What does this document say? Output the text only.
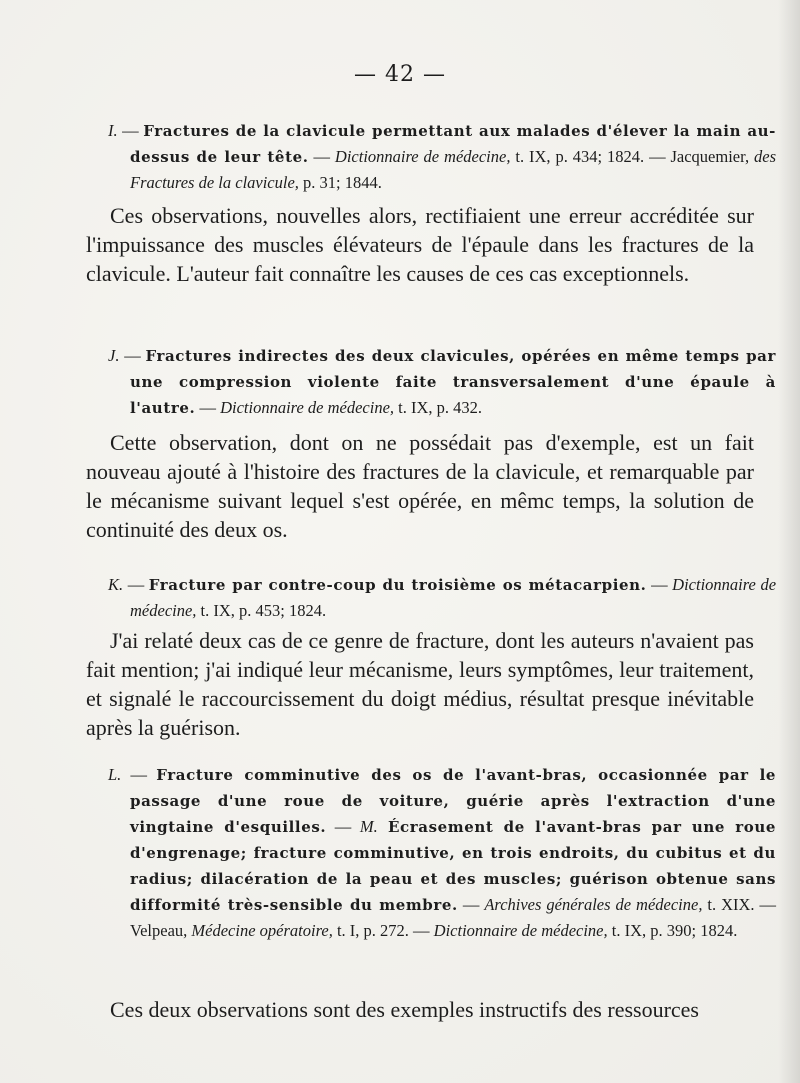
— 42 —
I. — Fractures de la clavicule permettant aux malades d'élever la main au-dessus de leur tête. — Dictionnaire de médecine, t. IX, p. 434; 1824. — Jacquemier, des Fractures de la clavicule, p. 31; 1844.
Ces observations, nouvelles alors, rectifiaient une erreur accréditée sur l'impuissance des muscles élévateurs de l'épaule dans les fractures de la clavicule. L'auteur fait connaître les causes de ces cas exceptionnels.
J. — Fractures indirectes des deux clavicules, opérées en même temps par une compression violente faite transversalement d'une épaule à l'autre. — Dictionnaire de médecine, t. IX, p. 432.
Cette observation, dont on ne possédait pas d'exemple, est un fait nouveau ajouté à l'histoire des fractures de la clavicule, et remarquable par le mécanisme suivant lequel s'est opérée, en mêmc temps, la solution de continuité des deux os.
K. — Fracture par contre-coup du troisième os métacarpien. — Dictionnaire de médecine, t. IX, p. 453; 1824.
J'ai relaté deux cas de ce genre de fracture, dont les auteurs n'avaient pas fait mention; j'ai indiqué leur mécanisme, leurs symptômes, leur traitement, et signalé le raccourcissement du doigt médius, résultat presque inévitable après la guérison.
L. — Fracture comminutive des os de l'avant-bras, occasionnée par le passage d'une roue de voiture, guérie après l'extraction d'une vingtaine d'esquilles. — M. Écrasement de l'avant-bras par une roue d'engrenage; fracture comminutive, en trois endroits, du cubitus et du radius; dilacération de la peau et des muscles; guérison obtenue sans difformité très-sensible du membre. — Archives générales de médecine, t. XIX. — Velpeau, Médecine opératoire, t. I, p. 272. — Dictionnaire de médecine, t. IX, p. 390; 1824.
Ces deux observations sont des exemples instructifs des ressources
